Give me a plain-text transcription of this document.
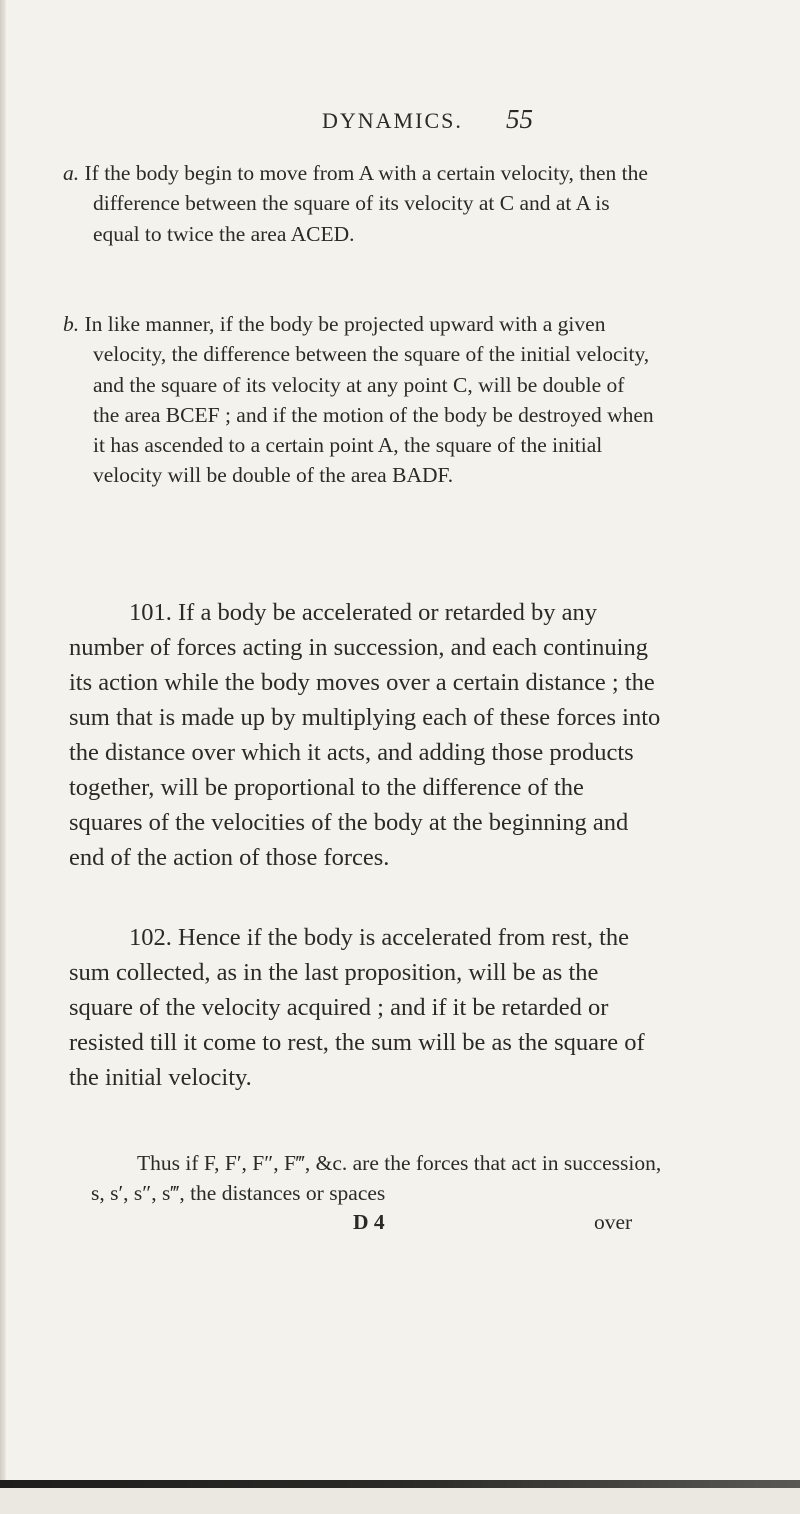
DYNAMICS. 55

a. If the body begin to move from A with a certain velocity, then the difference between the square of its velocity at C and at A is equal to twice the area ACED.

b. In like manner, if the body be projected upward with a given velocity, the difference between the square of the initial velocity, and the square of its velocity at any point C, will be double of the area BCEF ; and if the motion of the body be destroyed when it has ascended to a certain point A, the square of the initial velocity will be double of the area BADF.

101. If a body be accelerated or retarded by any number of forces acting in succession, and each continuing its action while the body moves over a certain distance ; the sum that is made up by multiplying each of these forces into the distance over which it acts, and adding those products together, will be proportional to the difference of the squares of the velocities of the body at the beginning and end of the action of those forces.

102. Hence if the body is accelerated from rest, the sum collected, as in the last proposition, will be as the square of the velocity acquired ; and if it be retarded or resisted till it come to rest, the sum will be as the square of the initial velocity.

Thus if F, F′, F″, F‴, &c. are the forces that act in succession, s, s′, s″, s‴, the distances or spaces

D 4	over
